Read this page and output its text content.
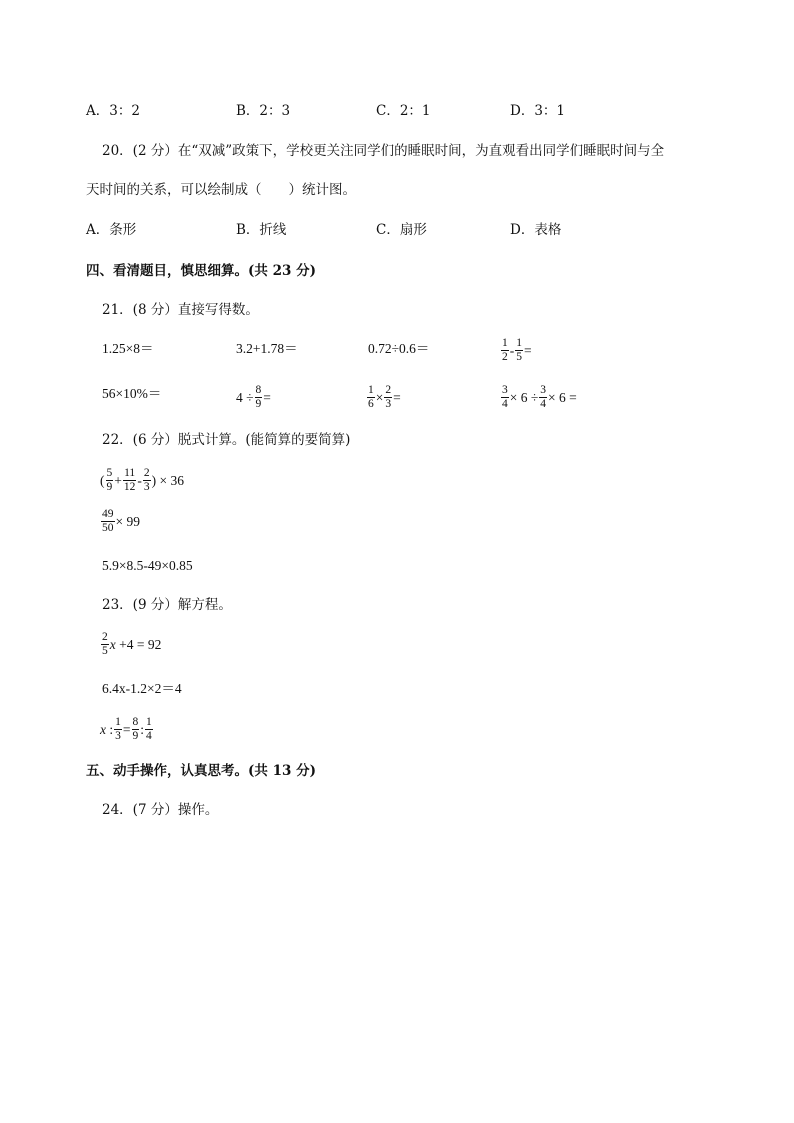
A．3：2	B．2：3	C．2：1	D．3：1
20．(2 分）在“双减”政策下，学校更关注同学们的睡眠时间，为直观看出同学们睡眠时间与全
天时间的关系，可以绘制成（　　）统计图。
A．条形	B．折线	C．扇形	D．表格
四、看清题目，慎思细算。(共 23 分)
21．(8 分）直接写得数。
1.25×8＝	3.2+1.78＝	0.72÷0.6＝	$\frac{1}{2} - \frac{1}{5}$ =
56×10%＝	$4 \div \frac{8}{9}$ =	$\frac{1}{6} \times \frac{2}{3}$ =	$\frac{3}{4} \times 6 \div \frac{3}{4} \times 6$ =
22．(6 分）脱式计算。(能简算的要简算)
( $\frac{5}{9} + \frac{11}{12} - \frac{2}{3}$ ) × 36
$\frac{49}{50} \times 99$
5.9×8.5-49×0.85
23．(9 分）解方程。
$\frac{2}{5}$ x +4 = 92
6.4x-1.2×2＝4
x : $\frac{1}{3} = \frac{8}{9}$ : $\frac{1}{4}$
五、动手操作，认真思考。(共 13 分)
24．(7 分）操作。
